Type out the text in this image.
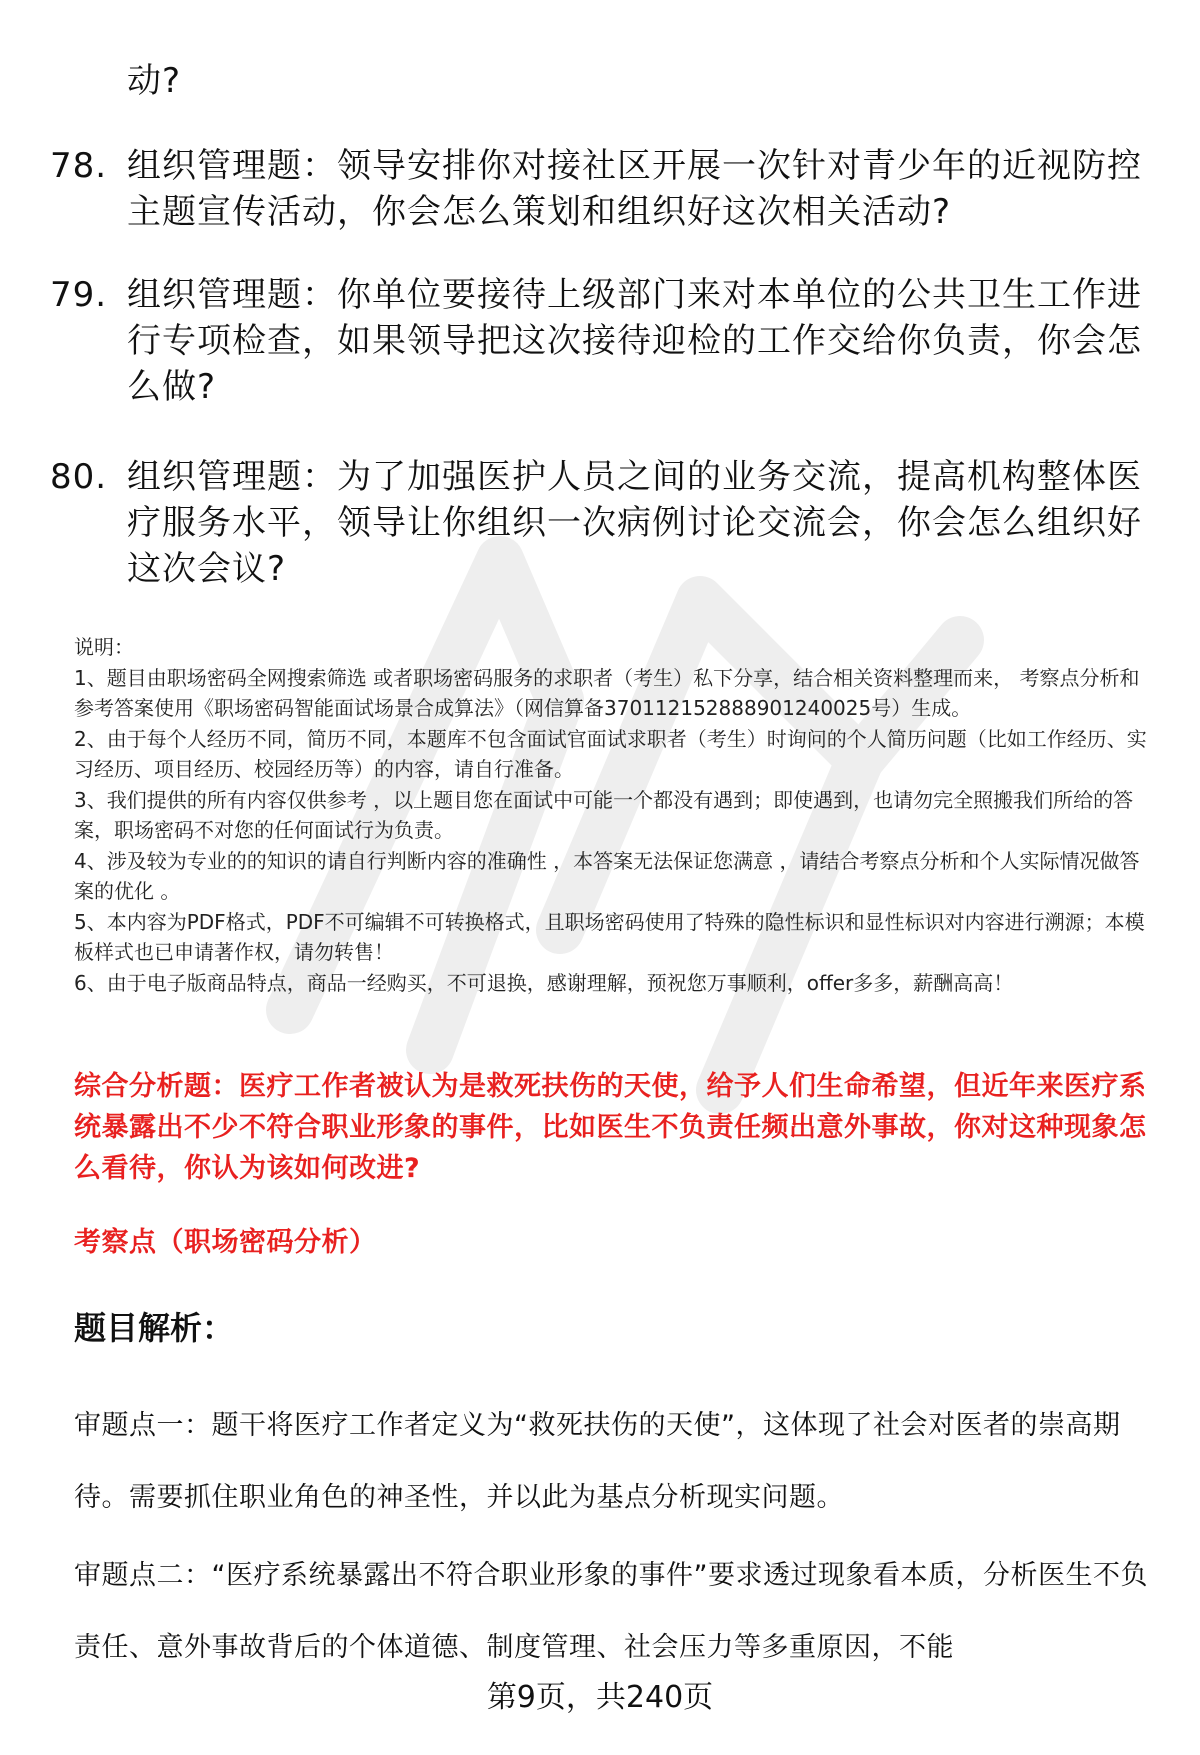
动?
78. 组织管理题：领导安排你对接社区开展一次针对青少年的近视防控主题宣传活动，你会怎么策划和组织好这次相关活动?
79. 组织管理题：你单位要接待上级部门来对本单位的公共卫生工作进行专项检查，如果领导把这次接待迎检的工作交给你负责，你会怎么做?
80. 组织管理题：为了加强医护人员之间的业务交流，提高机构整体医疗服务水平，领导让你组织一次病例讨论交流会，你会怎么组织好这次会议?

说明：

1、题目由职场密码全网搜索筛选 或者职场密码服务的求职者（考生）私下分享，结合相关资料整理而来， 考察点分析和参考答案使用《职场密码智能面试场景合成算法》（网信算备370112152888901240025号）生成。

2、由于每个人经历不同，简历不同，本题库不包含面试官面试求职者（考生）时询问的个人简历问题（比如工作经历、实习经历、项目经历、校园经历等）的内容，请自行准备。

3、我们提供的所有内容仅供参考 ，以上题目您在面试中可能一个都没有遇到；即使遇到，也请勿完全照搬我们所给的答案，职场密码不对您的任何面试行为负责。

4、涉及较为专业的的知识的请自行判断内容的准确性 ，本答案无法保证您满意 ，请结合考察点分析和个人实际情况做答案的优化 。

5、本内容为PDF格式，PDF不可编辑不可转换格式，且职场密码使用了特殊的隐性标识和显性标识对内容进行溯源；本模板样式也已申请著作权，请勿转售！

6、由于电子版商品特点，商品一经购买，不可退换，感谢理解，预祝您万事顺利，offer多多，薪酬高高！

综合分析题：医疗工作者被认为是救死扶伤的天使，给予人们生命希望，但近年来医疗系统暴露出不少不符合职业形象的事件，比如医生不负责任频出意外事故，你对这种现象怎么看待，你认为该如何改进?
考察点（职场密码分析）
题目解析：
审题点一：题干将医疗工作者定义为“救死扶伤的天使”，这体现了社会对医者的崇高期待。需要抓住职业角色的神圣性，并以此为基点分析现实问题。
审题点二：“医疗系统暴露出不符合职业形象的事件”要求透过现象看本质，分析医生不负责任、意外事故背后的个体道德、制度管理、社会压力等多重原因，不能
第9页，共240页
